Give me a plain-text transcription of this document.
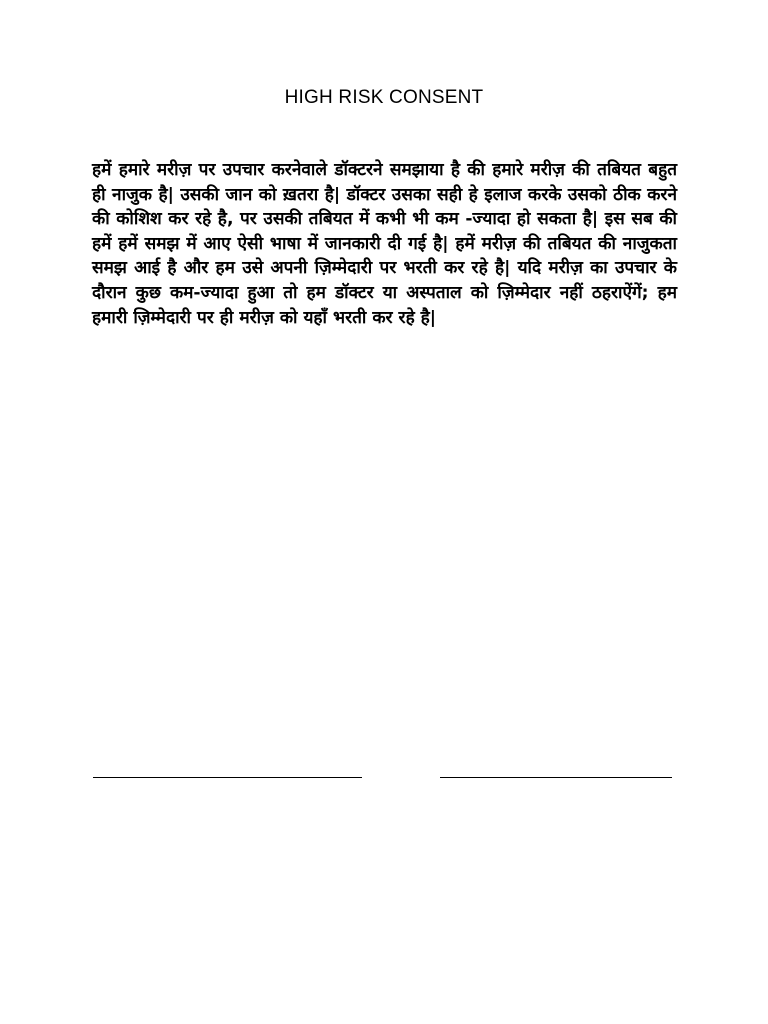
HIGH RISK CONSENT

हमें हमारे मरीज़ पर उपचार करनेवाले डॉक्टरने समझाया है की हमारे मरीज़ की तबियत बहुत ही नाजुक है| उसकी जान को ख़तरा है| डॉक्टर उसका सही हे इलाज करके उसको ठीक करने की कोशिश कर रहे है, पर उसकी तबियत में कभी भी कम -ज्यादा हो सकता है| इस सब की हमें हमें समझ में आए ऐसी भाषा में जानकारी दी गई है| हमें मरीज़ की तबियत की नाजुकता समझ आई है और हम उसे अपनी ज़िम्मेदारी पर भरती कर रहे है| यदि मरीज़ का उपचार के दौरान कुछ कम-ज्यादा हुआ तो हम डॉक्टर या अस्पताल को ज़िम्मेदार नहीं ठहराऐंगें; हम हमारी ज़िम्मेदारी पर ही मरीज़ को यहाँ भरती कर रहे है|
